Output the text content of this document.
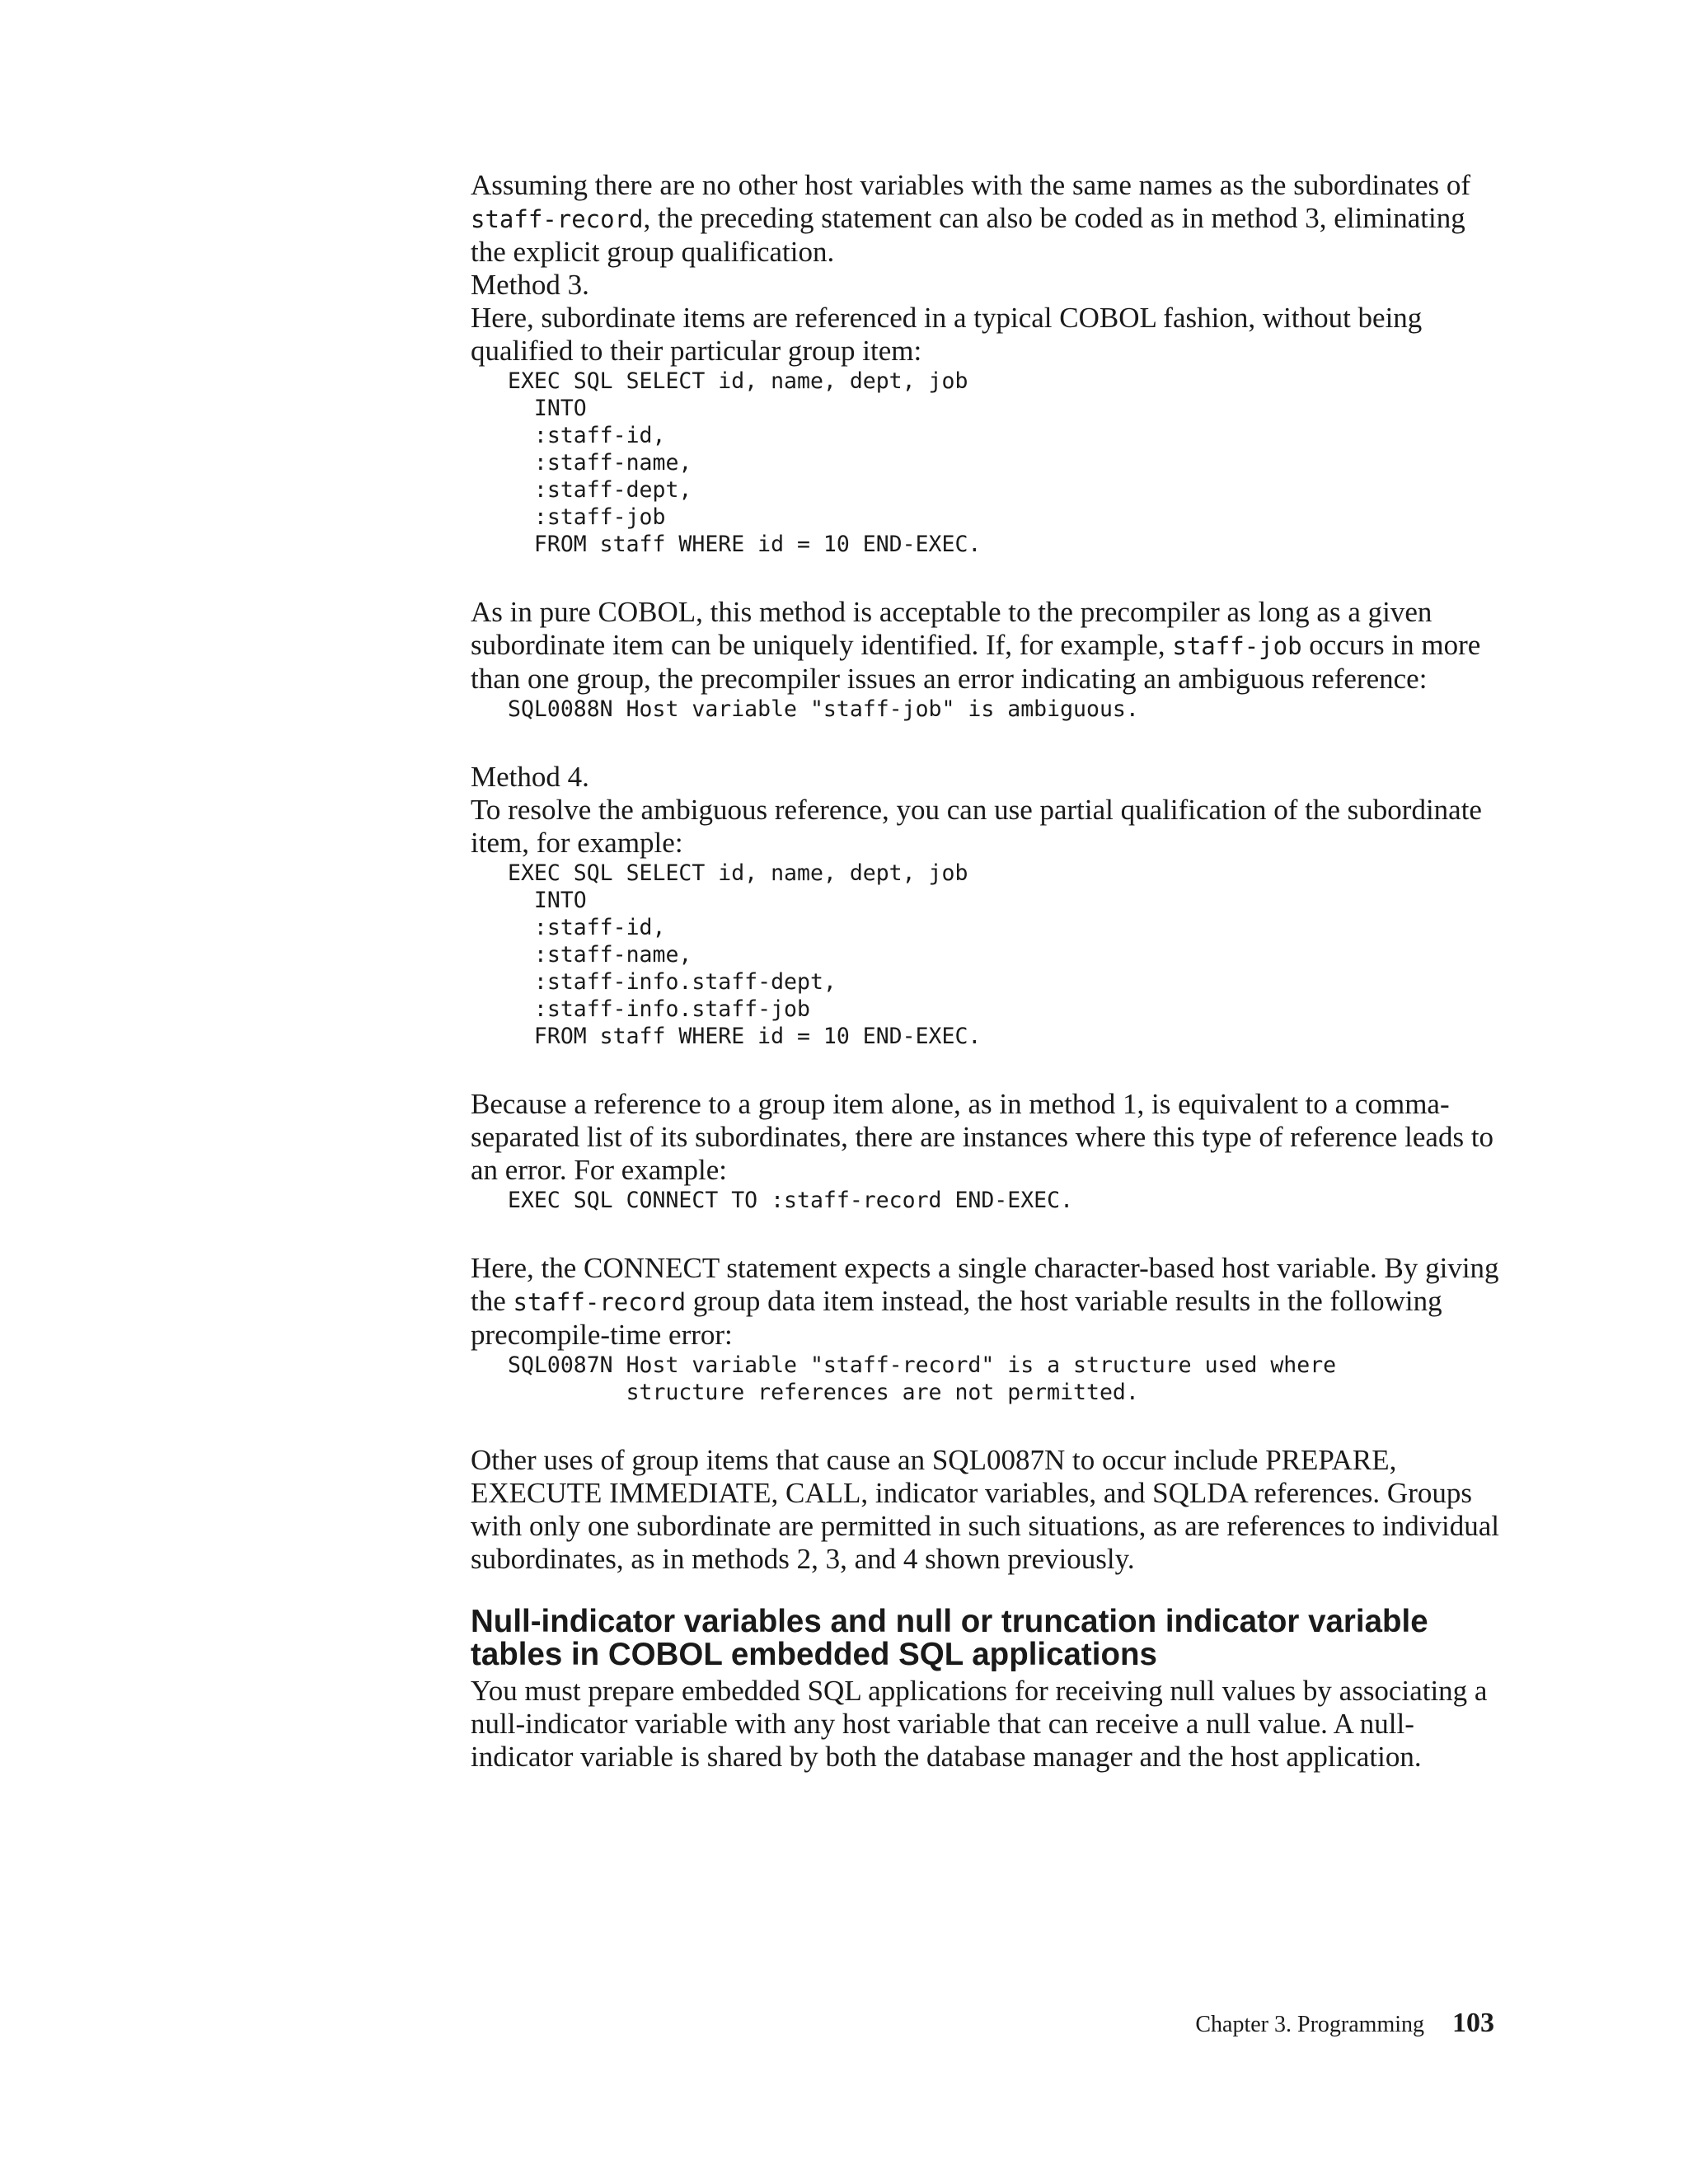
Assuming there are no other host variables with the same names as the subordinates of staff-record, the preceding statement can also be coded as in method 3, eliminating the explicit group qualification.

Method 3.

Here, subordinate items are referenced in a typical COBOL fashion, without being qualified to their particular group item:

EXEC SQL SELECT id, name, dept, job
INTO
:staff-id,
:staff-name,
:staff-dept,
:staff-job
FROM staff WHERE id = 10 END-EXEC.

As in pure COBOL, this method is acceptable to the precompiler as long as a given subordinate item can be uniquely identified. If, for example, staff-job occurs in more than one group, the precompiler issues an error indicating an ambiguous reference:

SQL0088N Host variable "staff-job" is ambiguous.

Method 4.

To resolve the ambiguous reference, you can use partial qualification of the subordinate item, for example:

EXEC SQL SELECT id, name, dept, job
INTO
:staff-id,
:staff-name,
:staff-info.staff-dept,
:staff-info.staff-job
FROM staff WHERE id = 10 END-EXEC.

Because a reference to a group item alone, as in method 1, is equivalent to a comma-separated list of its subordinates, there are instances where this type of reference leads to an error. For example:

EXEC SQL CONNECT TO :staff-record END-EXEC.

Here, the CONNECT statement expects a single character-based host variable. By giving the staff-record group data item instead, the host variable results in the following precompile-time error:

SQL0087N Host variable "staff-record" is a structure used where
structure references are not permitted.

Other uses of group items that cause an SQL0087N to occur include PREPARE, EXECUTE IMMEDIATE, CALL, indicator variables, and SQLDA references. Groups with only one subordinate are permitted in such situations, as are references to individual subordinates, as in methods 2, 3, and 4 shown previously.

Null-indicator variables and null or truncation indicator variable tables in COBOL embedded SQL applications

You must prepare embedded SQL applications for receiving null values by associating a null-indicator variable with any host variable that can receive a null value. A null-indicator variable is shared by both the database manager and the host application.

Chapter 3. Programming 103
